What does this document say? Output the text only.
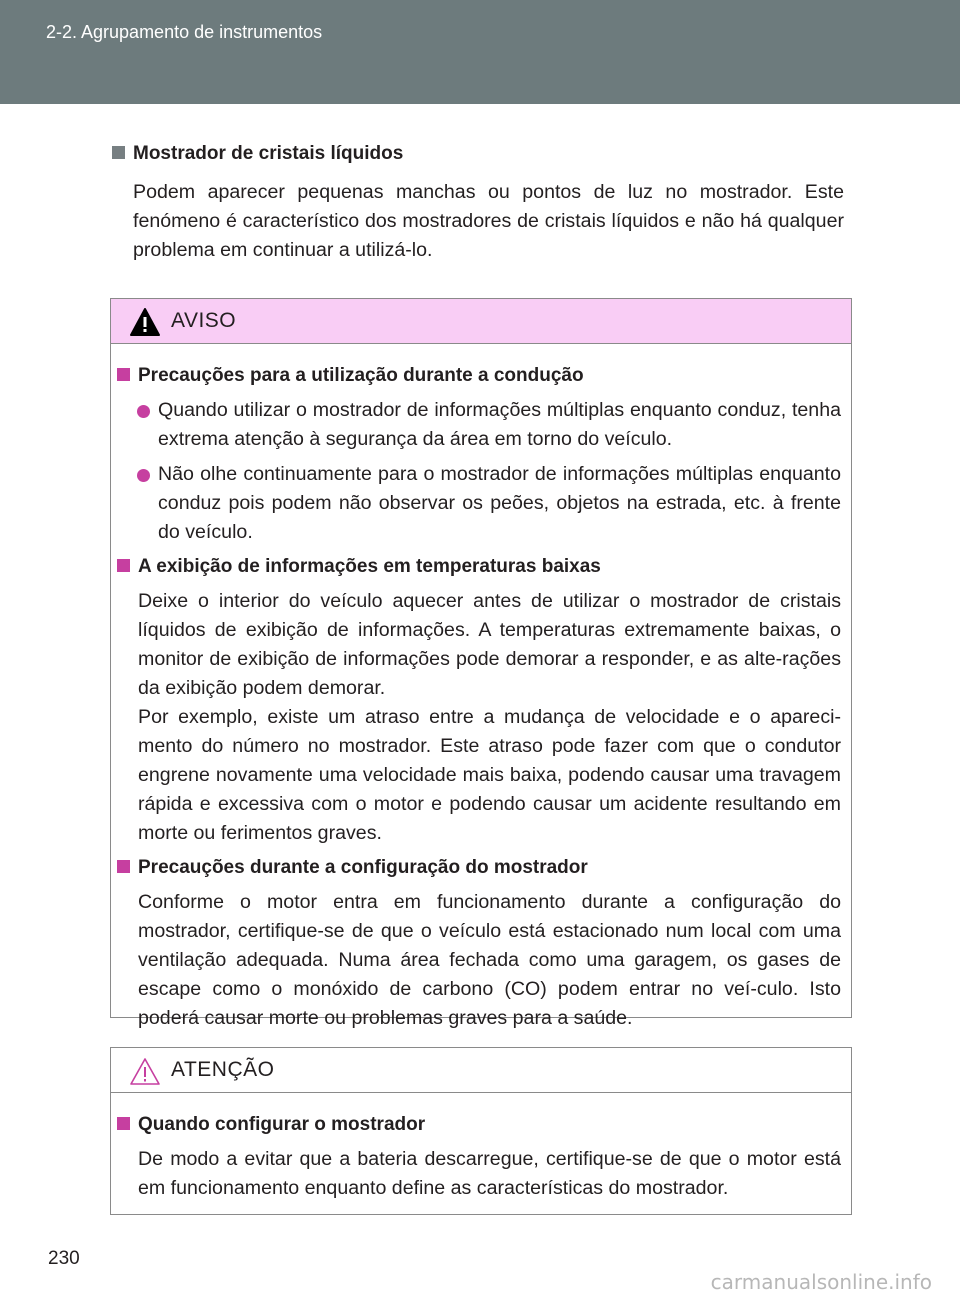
2-2. Agrupamento de instrumentos
Mostrador de cristais líquidos

Podem aparecer pequenas manchas ou pontos de luz no mostrador. Este fenómeno é característico dos mostradores de cristais líquidos e não há qualquer problema em continuar a utilizá-lo.

AVISO
Precauções para a utilização durante a condução

Quando utilizar o mostrador de informações múltiplas enquanto conduz, tenha extrema atenção à segurança da área em torno do veículo.

Não olhe continuamente para o mostrador de informações múltiplas enquanto conduz pois podem não observar os peões, objetos na estrada, etc. à frente do veículo.

A exibição de informações em temperaturas baixas

Deixe o interior do veículo aquecer antes de utilizar o mostrador de cristais líquidos de exibição de informações. A temperaturas extremamente baixas, o monitor de exibição de informações pode demorar a responder, e as alte-rações da exibição podem demorar.

Por exemplo, existe um atraso entre a mudança de velocidade e o apareci-mento do número no mostrador. Este atraso pode fazer com que o condutor engrene novamente uma velocidade mais baixa, podendo causar uma travagem rápida e excessiva com o motor e podendo causar um acidente resultando em morte ou ferimentos graves.

Precauções durante a configuração do mostrador

Conforme o motor entra em funcionamento durante a configuração do mostrador, certifique-se de que o veículo está estacionado num local com uma ventilação adequada. Numa área fechada como uma garagem, os gases de escape como o monóxido de carbono (CO) podem entrar no veí-culo. Isto poderá causar morte ou problemas graves para a saúde.

ATENÇÃO
Quando configurar o mostrador

De modo a evitar que a bateria descarregue, certifique-se de que o motor está em funcionamento enquanto define as características do mostrador.

230
carmanualsonline.info
